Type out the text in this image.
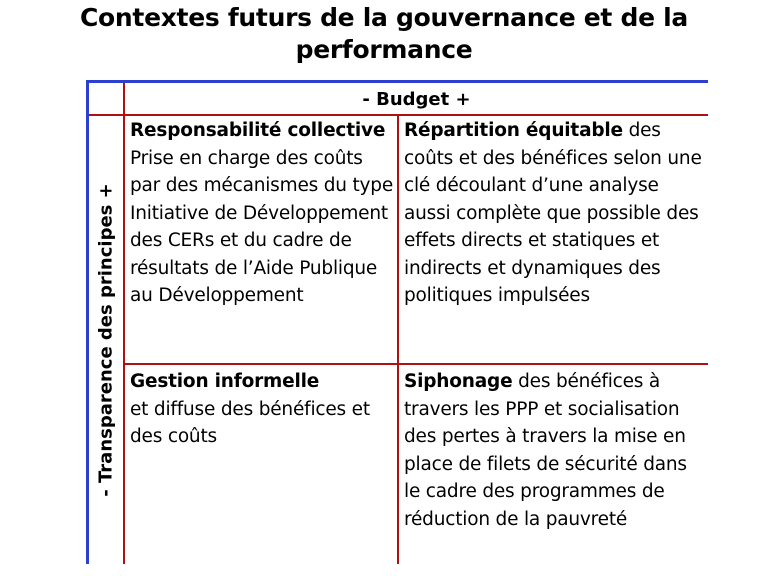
Contextes futurs de la gouvernance et de la performance
- Budget +
- Transparence des principes +
Responsabilité collective
Prise en charge des coûts par des mécanismes du type Initiative de Développement des CERs et du cadre de résultats de l’Aide Publique au Développement
Répartition équitable des coûts et des bénéfices selon une clé découlant d’une analyse aussi complète que possible des effets directs et statiques et indirects et dynamiques des politiques impulsées
Gestion informelle
et diffuse des bénéfices et des coûts
Siphonage des bénéfices à travers les PPP et socialisation des pertes à travers la mise en place de filets de sécurité dans le cadre des programmes de réduction de la pauvreté
